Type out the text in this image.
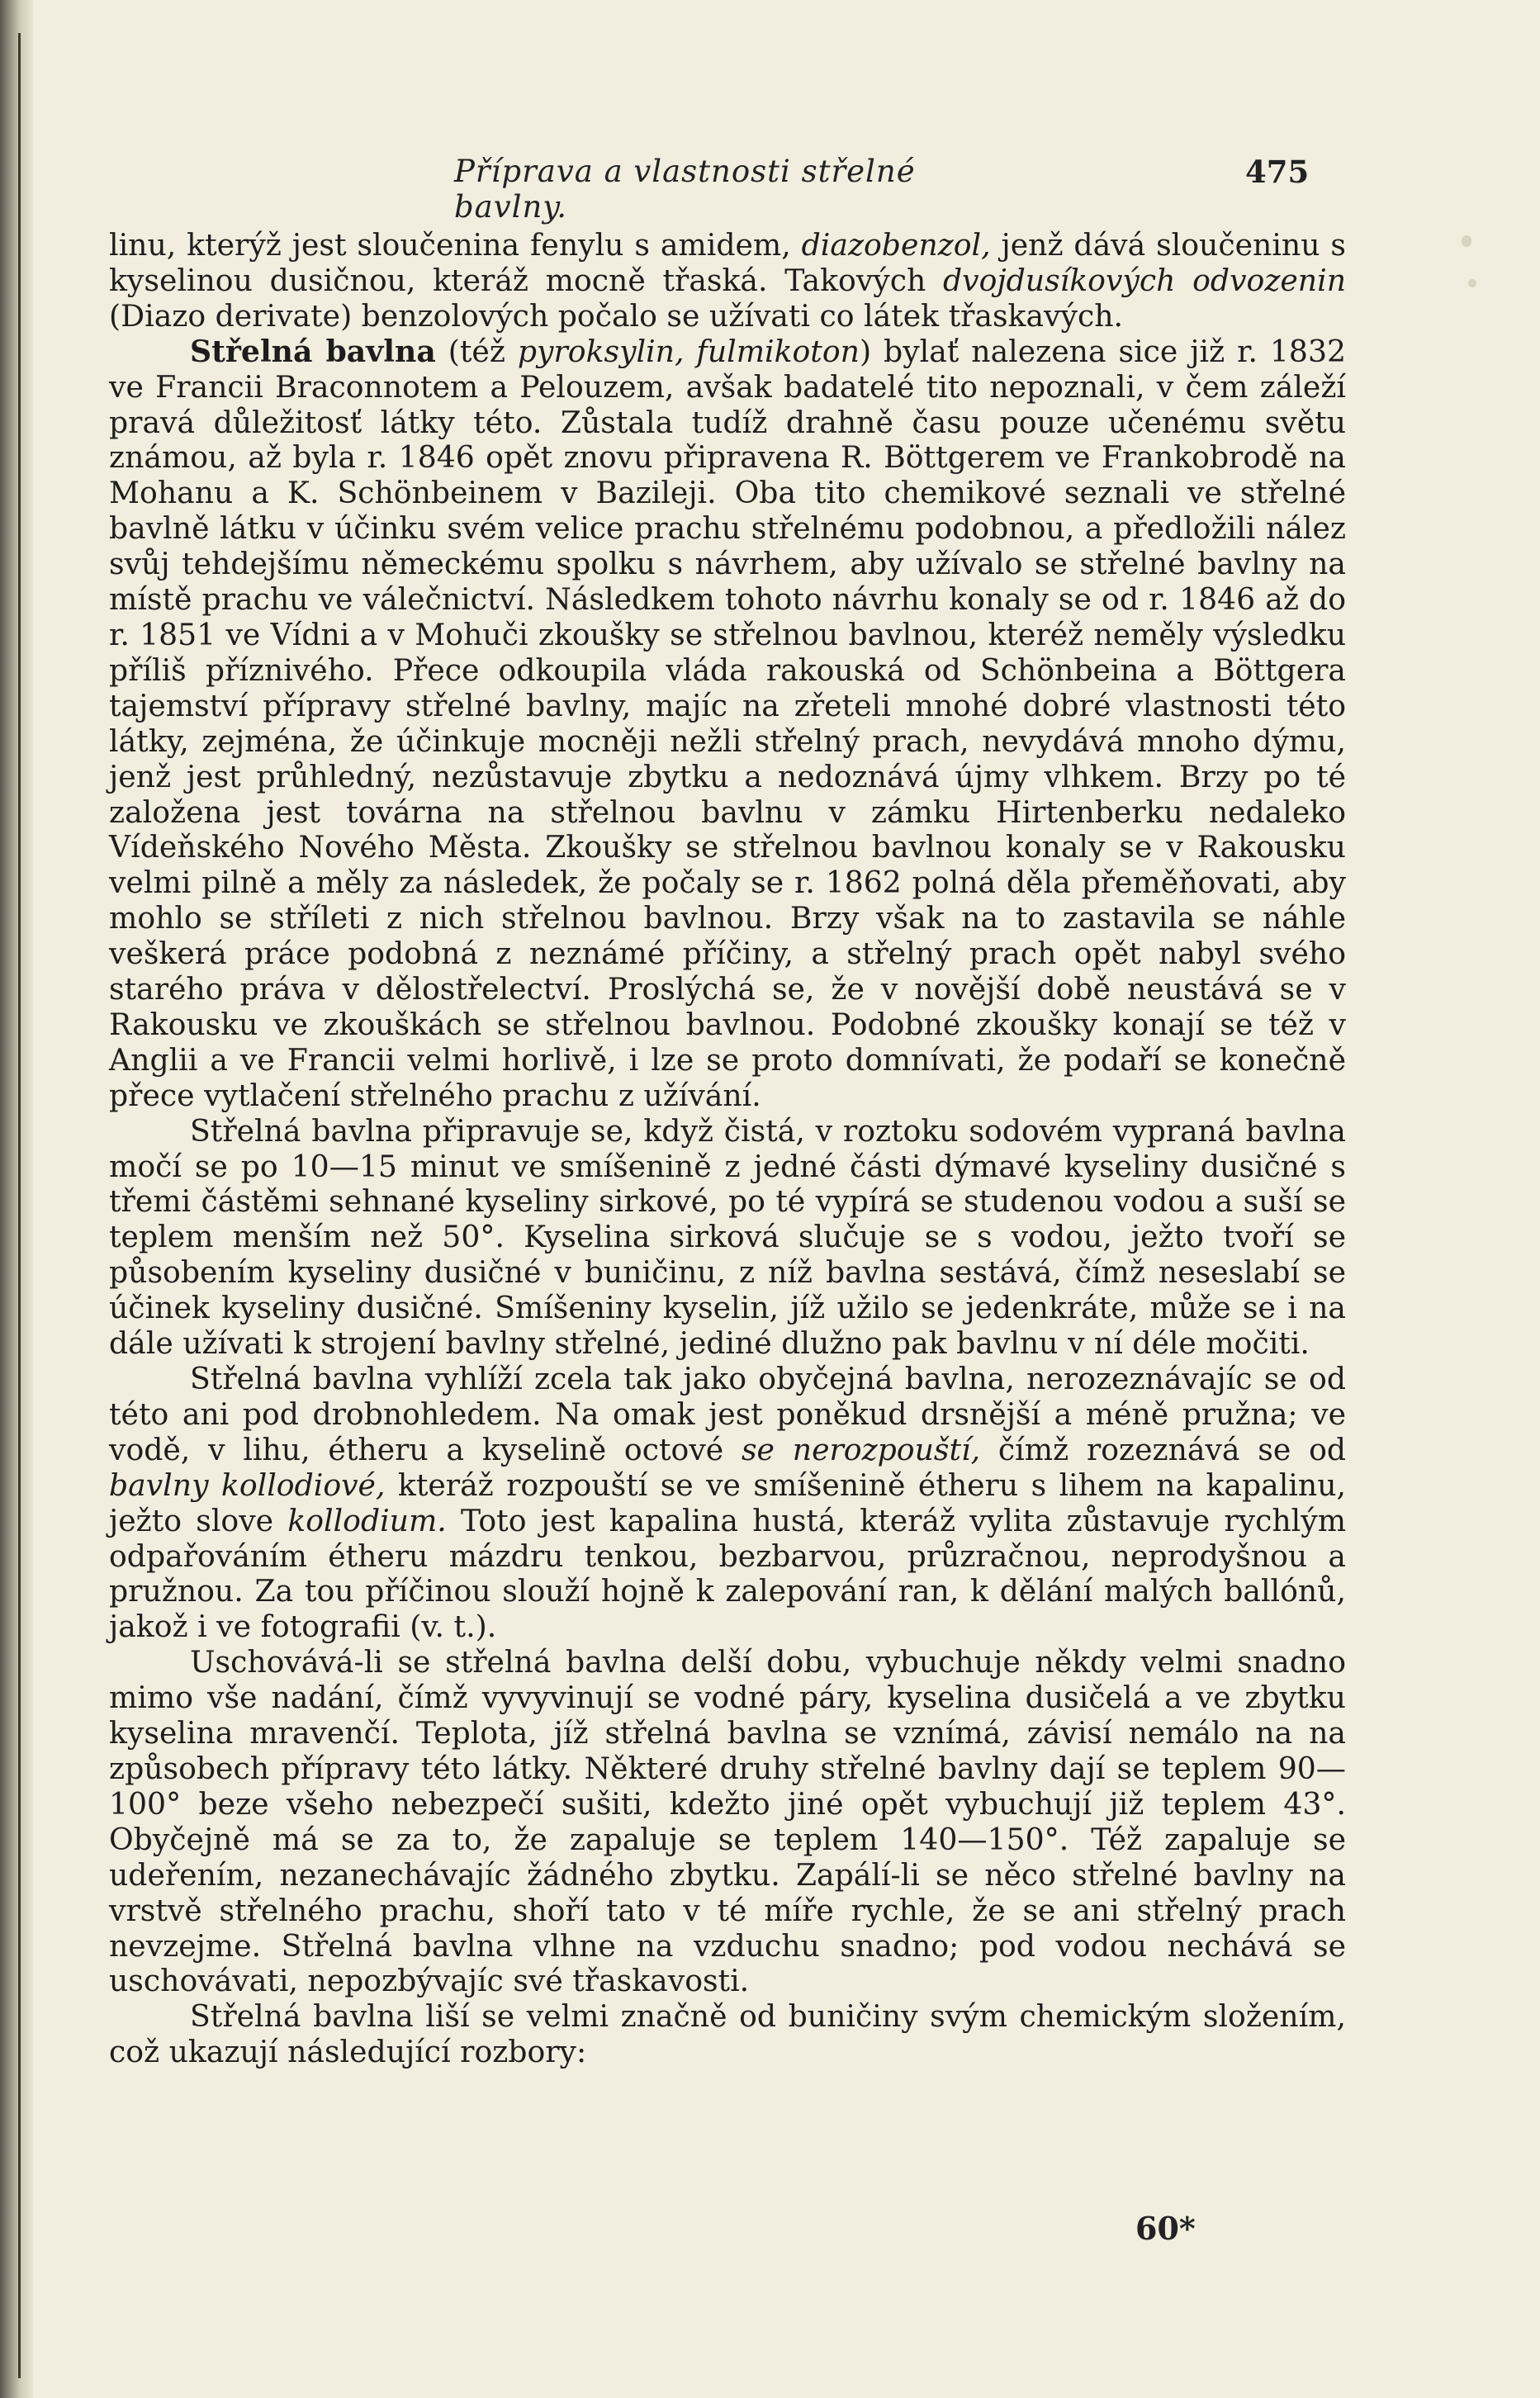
Příprava a vlastnosti střelné bavlny.
475

linu, kterýž jest sloučenina fenylu s amidem, diazobenzol, jenž dává sloučeninu s kyselinou dusičnou, kteráž mocně třaská. Takových dvojdusíkových odvozenin (Diazo derivate) benzolových počalo se užívati co látek třaskavých.

Střelná bavlna (též pyroksylin, fulmikoton) bylať nalezena sice již r. 1832 ve Francii Braconnotem a Pelouzem, avšak badatelé tito nepoznali, v čem záleží pravá důležitosť látky této. Zůstala tudíž drahně času pouze učenému světu známou, až byla r. 1846 opět znovu připravena R. Böttgerem ve Frankobrodě na Mohanu a K. Schönbeinem v Bazileji. Oba tito chemikové seznali ve střelné bavlně látku v účinku svém velice prachu střelnému podobnou, a předložili nález svůj tehdejšímu německému spolku s návrhem, aby užívalo se střelné bavlny na místě prachu ve válečnictví. Následkem tohoto návrhu konaly se od r. 1846 až do r. 1851 ve Vídni a v Mohuči zkoušky se střelnou bavlnou, kteréž neměly výsledku příliš příznivého. Přece odkoupila vláda rakouská od Schönbeina a Böttgera tajemství přípravy střelné bavlny, majíc na zřeteli mnohé dobré vlastnosti této látky, zejména, že účinkuje mocněji nežli střelný prach, nevydává mnoho dýmu, jenž jest průhledný, nezůstavuje zbytku a nedoznává újmy vlhkem. Brzy po té založena jest továrna na střelnou bavlnu v zámku Hirtenberku nedaleko Vídeňského Nového Města. Zkoušky se střelnou bavlnou konaly se v Rakousku velmi pilně a měly za následek, že počaly se r. 1862 polná děla přeměňovati, aby mohlo se stříleti z nich střelnou bavlnou. Brzy však na to zastavila se náhle veškerá práce podobná z neznámé příčiny, a střelný prach opět nabyl svého starého práva v dělostřelectví. Proslýchá se, že v novější době neustává se v Rakousku ve zkouškách se střelnou bavlnou. Podobné zkoušky konají se též v Anglii a ve Francii velmi horlivě, i lze se proto domnívati, že podaří se konečně přece vytlačení střelného prachu z užívání.

Střelná bavlna připravuje se, když čistá, v roztoku sodovém vypraná bavlna močí se po 10—15 minut ve smíšenině z jedné části dýmavé kyseliny dusičné s třemi částěmi sehnané kyseliny sirkové, po té vypírá se studenou vodou a suší se teplem menším než 50°. Kyselina sirková slučuje se s vodou, ježto tvoří se působením kyseliny dusičné v buničinu, z níž bavlna sestává, čímž neseslabí se účinek kyseliny dusičné. Smíšeniny kyselin, jíž užilo se jedenkráte, může se i na dále užívati k strojení bavlny střelné, jediné dlužno pak bavlnu v ní déle močiti.

Střelná bavlna vyhlíží zcela tak jako obyčejná bavlna, nerozeznávajíc se od této ani pod drobnohledem. Na omak jest poněkud drsnější a méně pružna; ve vodě, v lihu, étheru a kyselině octové se nerozpouští, čímž rozeznává se od bavlny kollodiové, kteráž rozpouští se ve smíšenině étheru s lihem na kapalinu, ježto slove kollodium. Toto jest kapalina hustá, kteráž vylita zůstavuje rychlým odpařováním étheru mázdru tenkou, bezbarvou, průzračnou, neprodyšnou a pružnou. Za tou příčinou slouží hojně k zalepování ran, k dělání malých ballónů, jakož i ve fotografii (v. t.).

Uschovává-li se střelná bavlna delší dobu, vybuchuje někdy velmi snadno mimo vše nadání, čímž vyvyvinují se vodné páry, kyselina dusičelá a ve zbytku kyselina mravenčí. Teplota, jíž střelná bavlna se vznímá, závisí nemálo na na způsobech přípravy této látky. Některé druhy střelné bavlny dají se teplem 90—100° beze všeho nebezpečí sušiti, kdežto jiné opět vybuchují již teplem 43°. Obyčejně má se za to, že zapaluje se teplem 140—150°. Též zapaluje se udeřením, nezanechávajíc žádného zbytku. Zapálí-li se něco střelné bavlny na vrstvě střelného prachu, shoří tato v té míře rychle, že se ani střelný prach nevzejme. Střelná bavlna vlhne na vzduchu snadno; pod vodou nechává se uschovávati, nepozbývajíc své třaskavosti.

Střelná bavlna liší se velmi značně od buničiny svým chemickým složením, což ukazují následující rozbory:

60*
